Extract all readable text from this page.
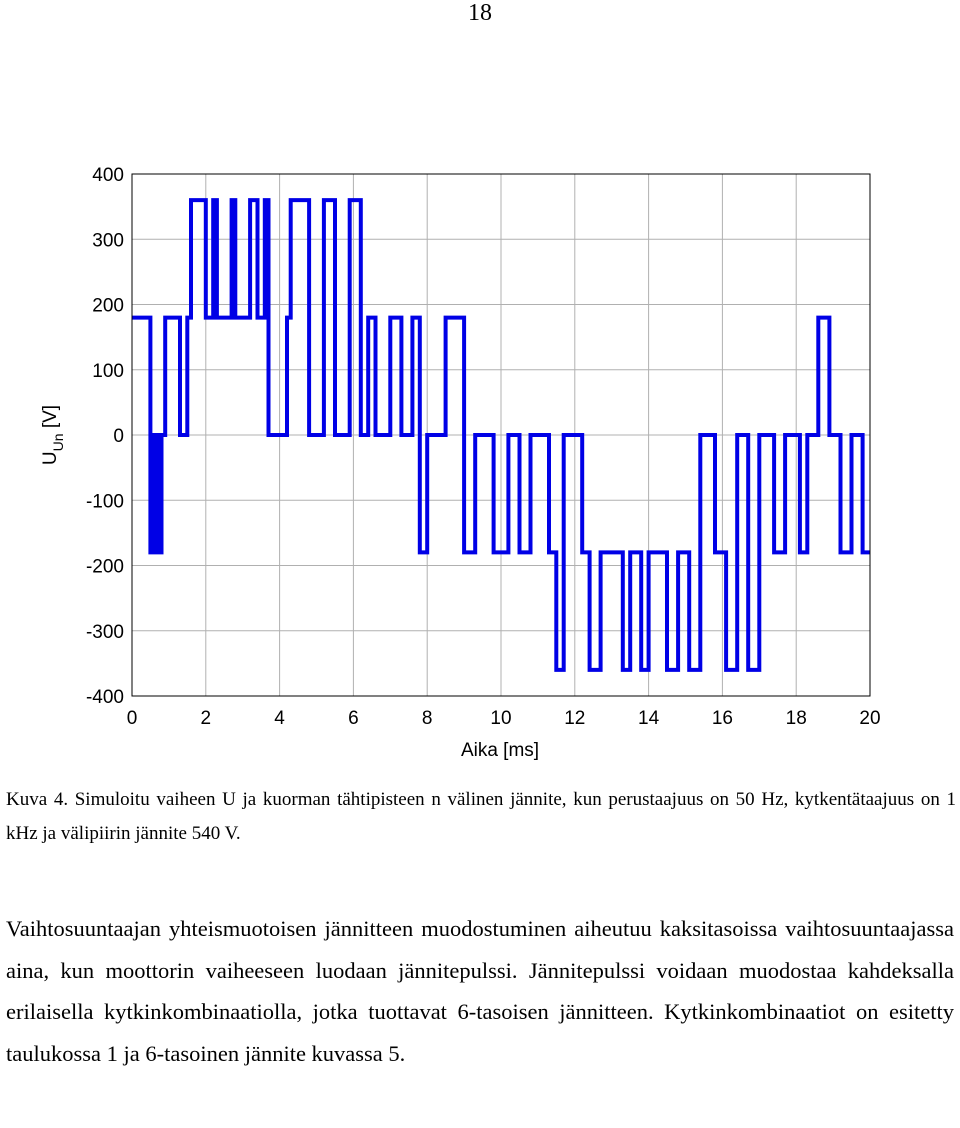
18
0	2	4	6	8	10	12	14	16	18	20
400
300
200
100
0
-100
-200
-300
-400
Aika [ms]
$U_{Un}$ [V]
Kuva 4. Simuloitu vaiheen U ja kuorman tähtipisteen n välinen jännite, kun perustaajuus on 50 Hz, kytkentätaajuus on 1 kHz ja välipiirin jännite 540 V.

Vaihtosuuntaajan yhteismuotoisen jännitteen muodostuminen aiheutuu kaksitasoissa vaihtosuuntaajassa aina, kun moottorin vaiheeseen luodaan jännitepulssi. Jännitepulssi voidaan muodostaa kahdeksalla erilaisella kytkinkombinaatiolla, jotka tuottavat 6-tasoisen jännitteen. Kytkinkombinaatiot on esitetty taulukossa 1 ja 6-tasoinen jännite kuvassa 5.
